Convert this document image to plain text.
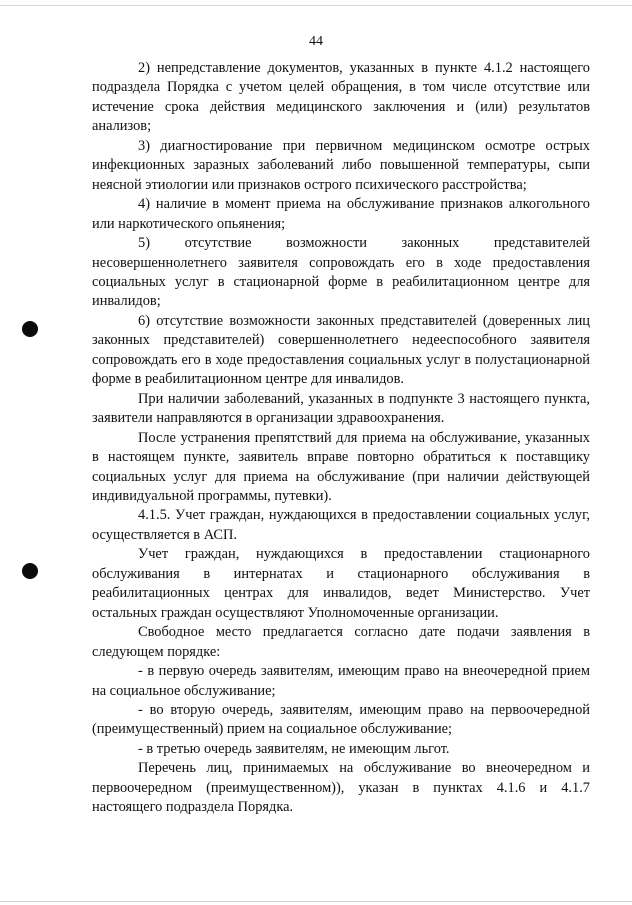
44

2) непредставление документов, указанных в пункте 4.1.2 настоящего подраздела Порядка с учетом целей обращения, в том числе отсутствие или истечение срока действия медицинского заключения и (или) результатов анализов;

3) диагностирование при первичном медицинском осмотре острых инфекционных заразных заболеваний либо повышенной температуры, сыпи неясной этиологии или признаков острого психического расстройства;

4) наличие в момент приема на обслуживание признаков алкогольного или наркотического опьянения;

5) отсутствие возможности законных представителей несовершеннолетнего заявителя сопровождать его в ходе предоставления социальных услуг в стационарной форме в реабилитационном центре для инвалидов;

6) отсутствие возможности законных представителей (доверенных лиц законных представителей) совершеннолетнего недееспособного заявителя сопровождать его в ходе предоставления социальных услуг в полустационарной форме в реабилитационном центре для инвалидов.

При наличии заболеваний, указанных в подпункте 3 настоящего пункта, заявители направляются в организации здравоохранения.

После устранения препятствий для приема на обслуживание, указанных в настоящем пункте, заявитель вправе повторно обратиться к поставщику социальных услуг для приема на обслуживание (при наличии действующей индивидуальной программы, путевки).

4.1.5. Учет граждан, нуждающихся в предоставлении социальных услуг, осуществляется в АСП.

Учет граждан, нуждающихся в предоставлении стационарного обслуживания в интернатах и стационарного обслуживания в реабилитационных центрах для инвалидов, ведет Министерство. Учет остальных граждан осуществляют Уполномоченные организации.

Свободное место предлагается согласно дате подачи заявления в следующем порядке:

- в первую очередь заявителям, имеющим право на внеочередной прием на социальное обслуживание;

- во вторую очередь, заявителям, имеющим право на первоочередной (преимущественный) прием на социальное обслуживание;

- в третью очередь заявителям, не имеющим льгот.

Перечень лиц, принимаемых на обслуживание во внеочередном и первоочередном (преимущественном)), указан в пунктах 4.1.6 и 4.1.7 настоящего подраздела Порядка.
